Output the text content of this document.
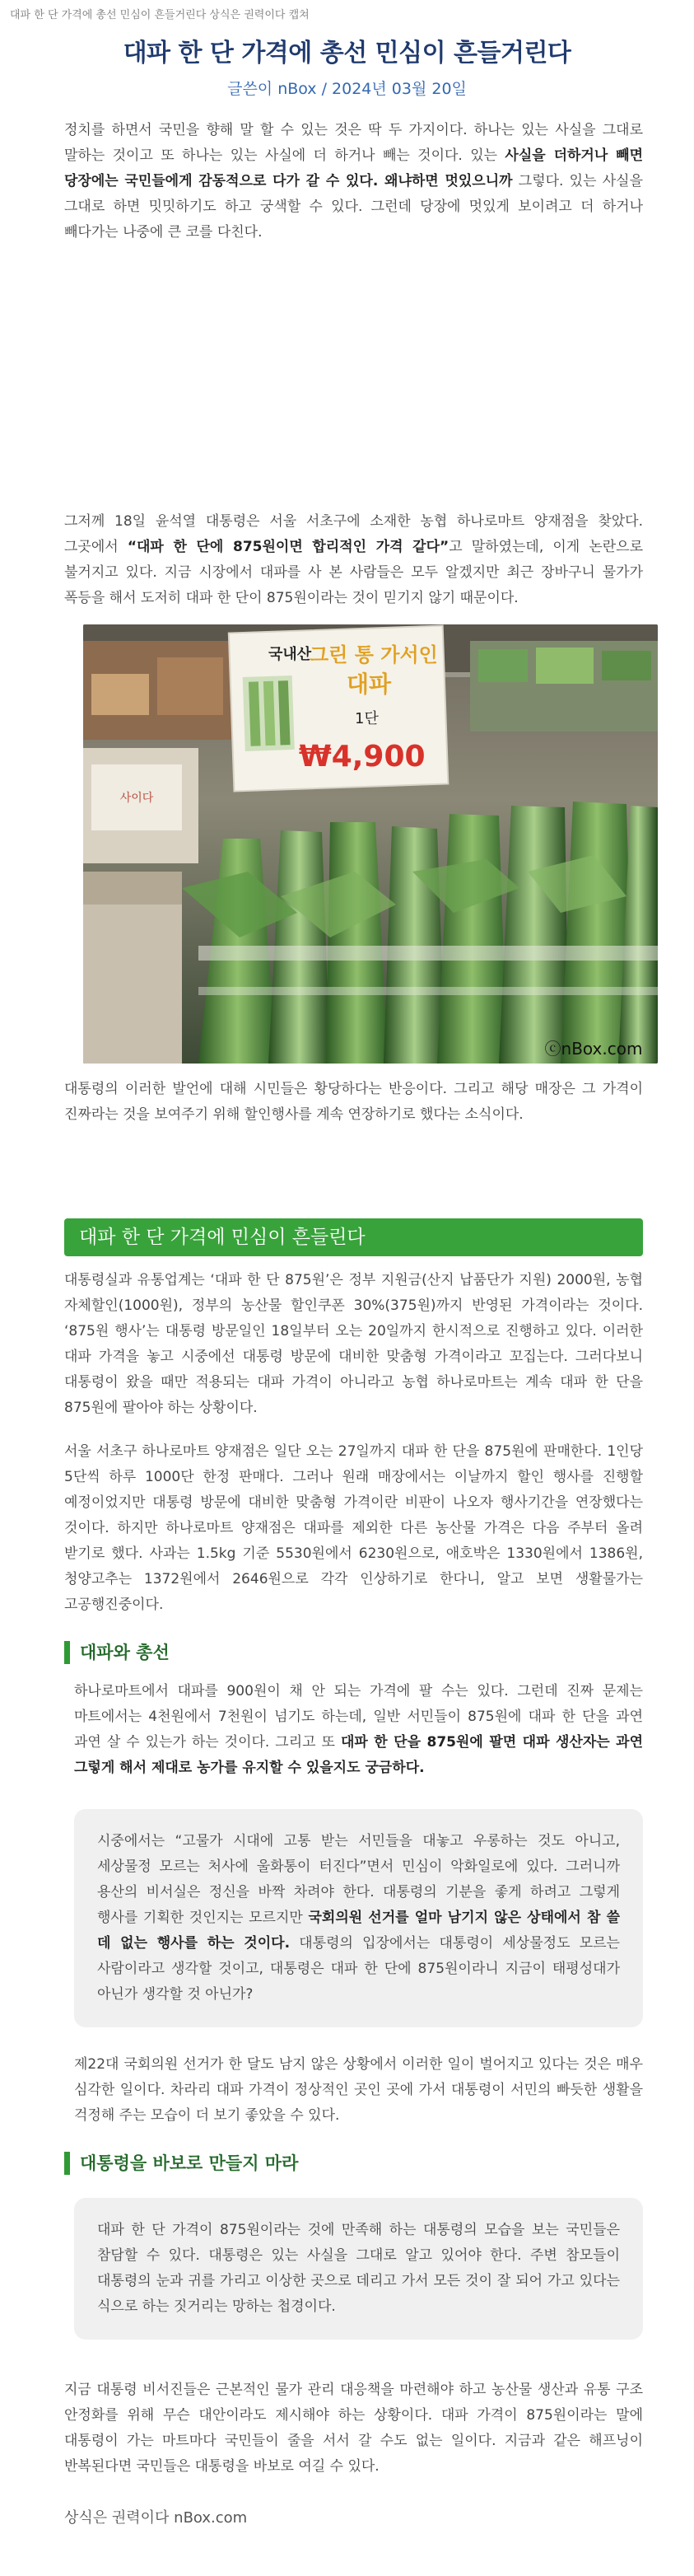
대파 한 단 가격에 총선 민심이 흔들거린다 상식은 권력이다 캡쳐
대파 한 단 가격에 총선 민심이 흔들거린다
글쓴이 nBox / 2024년 03월 20일

정치를 하면서 국민을 향해 말 할 수 있는 것은 딱 두 가지이다. 하나는 있는 사실을 그대로 말하는 것이고 또 하나는 있는 사실에 더 하거나 빼는 것이다. 있는 사실을 더하거나 빼면 당장에는 국민들에게 감동적으로 다가 갈 수 있다. 왜냐하면 멋있으니까 그렇다. 있는 사실을 그대로 하면 밋밋하기도 하고 궁색할 수 있다. 그런데 당장에 멋있게 보이려고 더 하거나 빼다가는 나중에 큰 코를 다친다.

그저께 18일 윤석열 대통령은 서울 서초구에 소재한 농협 하나로마트 양재점을 찾았다. 그곳에서 “대파 한 단에 875원이면 합리적인 가격 같다”고 말하였는데, 이게 논란으로 불거지고 있다. 지금 시장에서 대파를 사 본 사람들은 모두 알겠지만 최근 장바구니 물가가 폭등을 해서 도저히 대파 한 단이 875원이라는 것이 믿기지 않기 때문이다.

사이다
국내산
그린 통 가서인
대파
1단
₩4,900
ⓒnBox.com

대통령의 이러한 발언에 대해 시민들은 황당하다는 반응이다. 그리고 해당 매장은 그 가격이 진짜라는 것을 보여주기 위해 할인행사를 계속 연장하기로 했다는 소식이다.

대파 한 단 가격에 민심이 흔들린다

대통령실과 유통업계는 ‘대파 한 단 875원’은 정부 지원금(산지 납품단가 지원) 2000원, 농협 자체할인(1000원), 정부의 농산물 할인쿠폰 30%(375원)까지 반영된 가격이라는 것이다. ‘875원 행사’는 대통령 방문일인 18일부터 오는 20일까지 한시적으로 진행하고 있다. 이러한 대파 가격을 놓고 시중에선 대통령 방문에 대비한 맞춤형 가격이라고 꼬집는다. 그러다보니 대통령이 왔을 때만 적용되는 대파 가격이 아니라고 농협 하나로마트는 계속 대파 한 단을 875원에 팔아야 하는 상황이다.

서울 서초구 하나로마트 양재점은 일단 오는 27일까지 대파 한 단을 875원에 판매한다. 1인당 5단씩 하루 1000단 한정 판매다. 그러나 원래 매장에서는 이날까지 할인 행사를 진행할 예정이었지만 대통령 방문에 대비한 맞춤형 가격이란 비판이 나오자 행사기간을 연장했다는 것이다. 하지만 하나로마트 양재점은 대파를 제외한 다른 농산물 가격은 다음 주부터 올려 받기로 했다. 사과는 1.5kg 기준 5530원에서 6230원으로, 애호박은 1330원에서 1386원, 청양고추는 1372원에서 2646원으로 각각 인상하기로 한다니, 알고 보면 생활물가는 고공행진중이다.

대파와 총선

하나로마트에서 대파를 900원이 채 안 되는 가격에 팔 수는 있다. 그런데 진짜 문제는 마트에서는 4천원에서 7천원이 넘기도 하는데, 일반 서민들이 875원에 대파 한 단을 과연 과연 살 수 있는가 하는 것이다. 그리고 또 대파 한 단을 875원에 팔면 대파 생산자는 과연 그렇게 해서 제대로 농가를 유지할 수 있을지도 궁금하다.

시중에서는 “고물가 시대에 고통 받는 서민들을 대놓고 우롱하는 것도 아니고, 세상물정 모르는 처사에 울화통이 터진다”면서 민심이 악화일로에 있다. 그러니까 용산의 비서실은 정신을 바짝 차려야 한다. 대통령의 기분을 좋게 하려고 그렇게 행사를 기획한 것인지는 모르지만 국회의원 선거를 얼마 남기지 않은 상태에서 참 쓸 데 없는 행사를 하는 것이다. 대통령의 입장에서는 대통령이 세상물정도 모르는 사람이라고 생각할 것이고, 대통령은 대파 한 단에 875원이라니 지금이 태평성대가 아닌가 생각할 것 아닌가?

제22대 국회의원 선거가 한 달도 남지 않은 상황에서 이러한 일이 벌어지고 있다는 것은 매우 심각한 일이다. 차라리 대파 가격이 정상적인 곳인 곳에 가서 대통령이 서민의 빠듯한 생활을 걱정해 주는 모습이 더 보기 좋았을 수 있다.

대통령을 바보로 만들지 마라

대파 한 단 가격이 875원이라는 것에 만족해 하는 대통령의 모습을 보는 국민들은 참담할 수 있다. 대통령은 있는 사실을 그대로 알고 있어야 한다. 주변 참모들이 대통령의 눈과 귀를 가리고 이상한 곳으로 데리고 가서 모든 것이 잘 되어 가고 있다는 식으로 하는 짓거리는 망하는 첩경이다.

지금 대통령 비서진들은 근본적인 물가 관리 대응책을 마련해야 하고 농산물 생산과 유통 구조 안정화를 위해 무슨 대안이라도 제시해야 하는 상황이다. 대파 가격이 875원이라는 말에 대통령이 가는 마트마다 국민들이 줄을 서서 갈 수도 없는 일이다. 지금과 같은 해프닝이 반복된다면 국민들은 대통령을 바보로 여길 수 있다.

상식은 권력이다 nBox.com
